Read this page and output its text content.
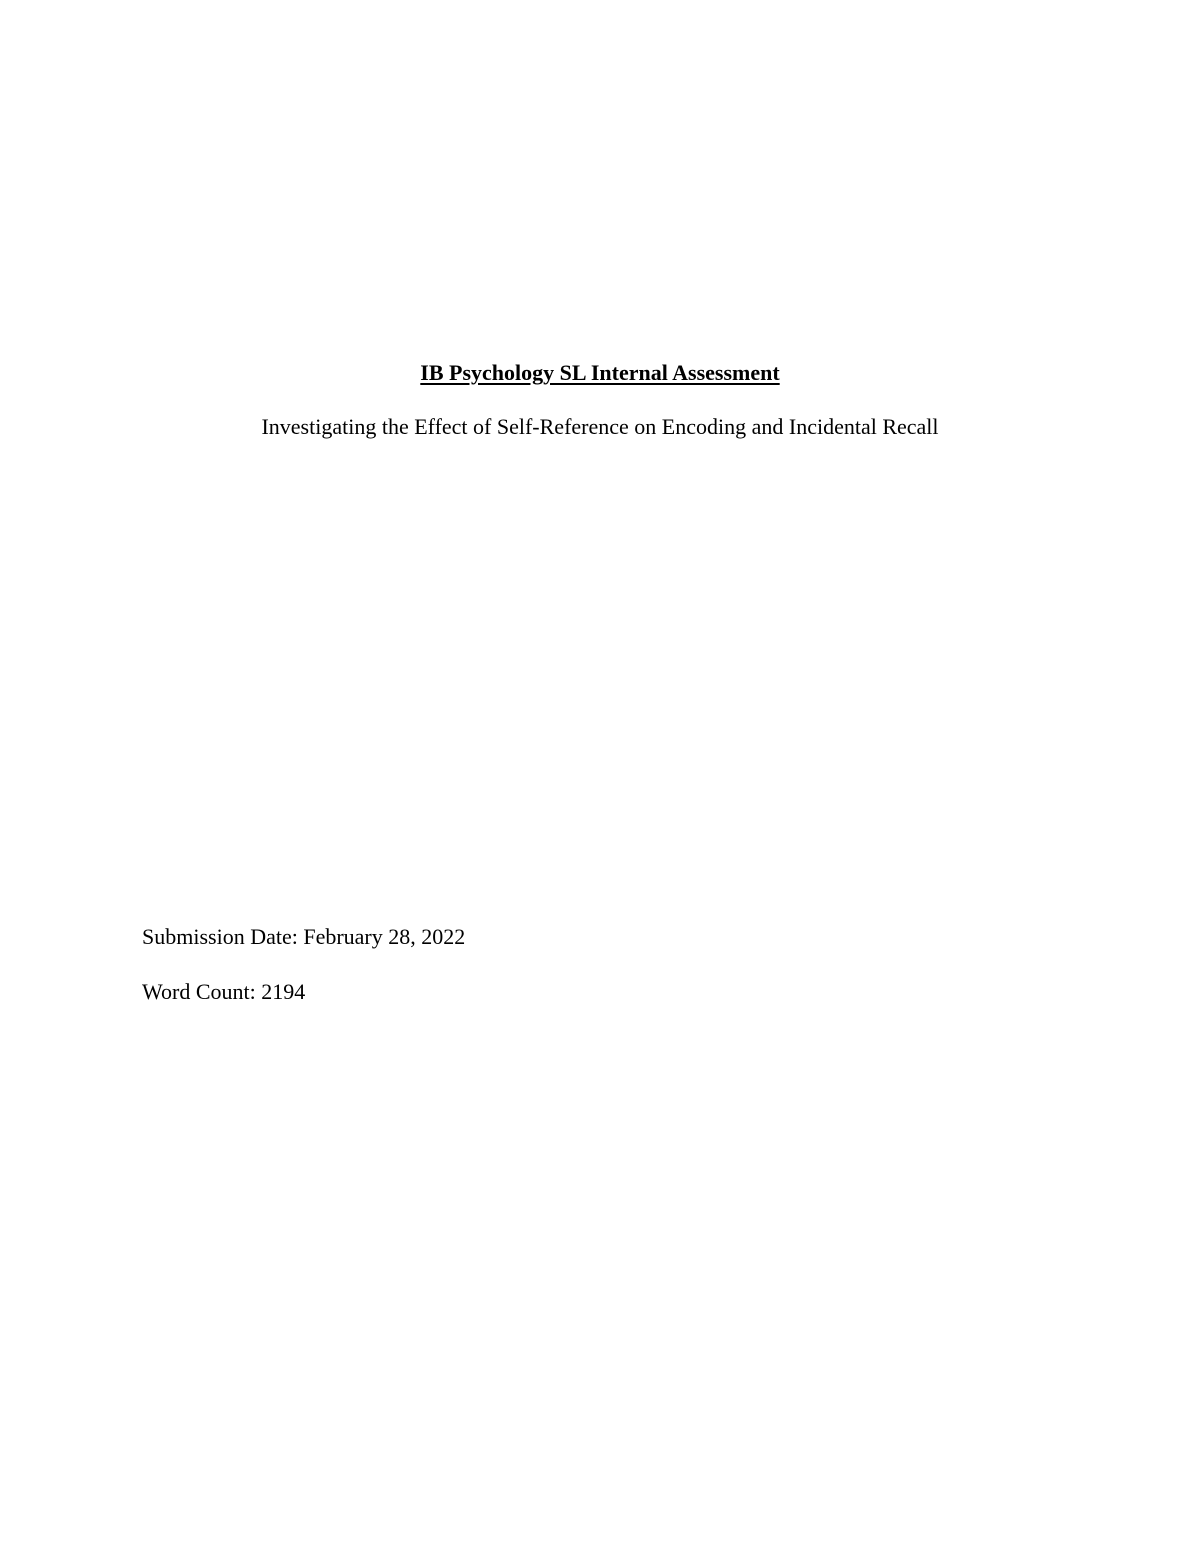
IB Psychology SL Internal Assessment

Investigating the Effect of Self-Reference on Encoding and Incidental Recall

Submission Date: February 28, 2022

Word Count: 2194
